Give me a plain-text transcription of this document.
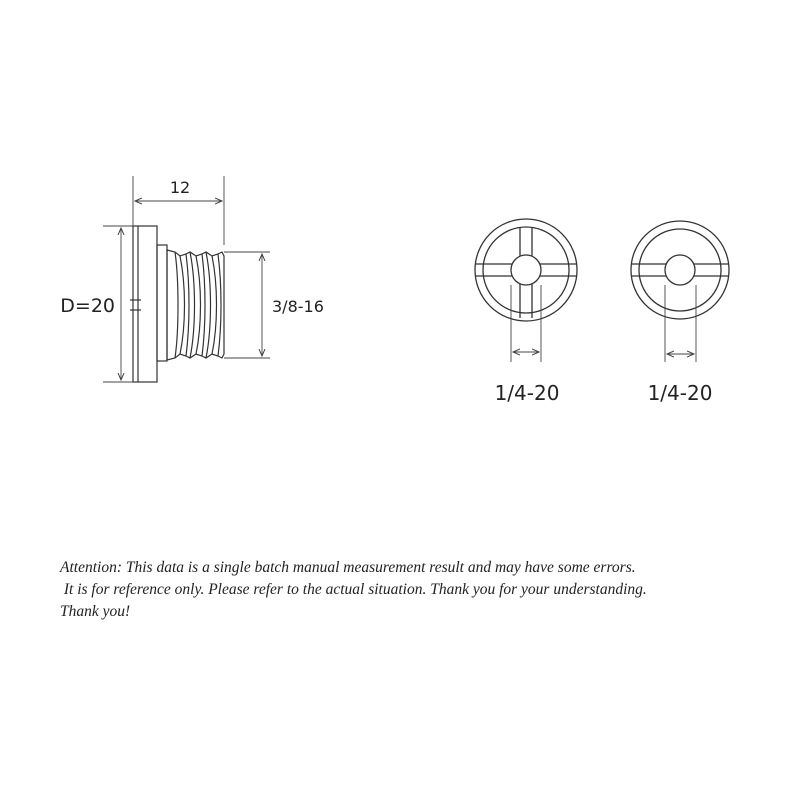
12
D=20	3/8-16
1/4-20	1/4-20
Attention: This data is a single batch manual measurement result and may have some errors.
It is for reference only. Please refer to the actual situation. Thank you for your understanding.
Thank you!
